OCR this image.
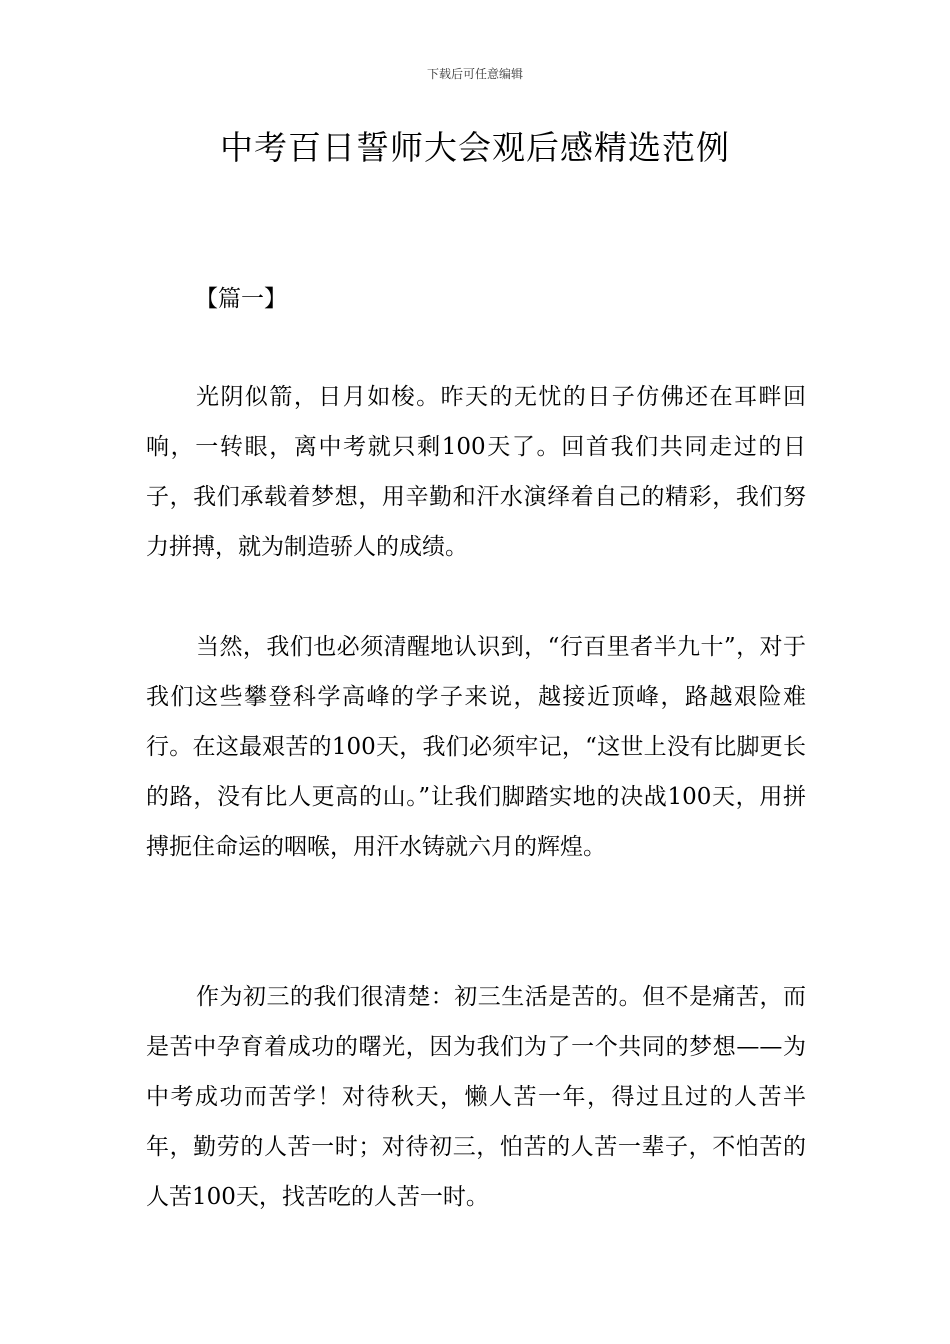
下载后可任意编辑
中考百日誓师大会观后感精选范例
【篇一】

光阴似箭，日月如梭。昨天的无忧的日子仿佛还在耳畔回响，一转眼，离中考就只剩100天了。回首我们共同走过的日子，我们承载着梦想，用辛勤和汗水演绎着自己的精彩，我们努力拼搏，就为制造骄人的成绩。

当然，我们也必须清醒地认识到，“行百里者半九十”，对于我们这些攀登科学高峰的学子来说，越接近顶峰，路越艰险难行。在这最艰苦的100天，我们必须牢记，“这世上没有比脚更长的路，没有比人更高的山。”让我们脚踏实地的决战100天，用拼搏扼住命运的咽喉，用汗水铸就六月的辉煌。

作为初三的我们很清楚：初三生活是苦的。但不是痛苦，而是苦中孕育着成功的曙光，因为我们为了一个共同的梦想——为中考成功而苦学！对待秋天，懒人苦一年，得过且过的人苦半年，勤劳的人苦一时；对待初三，怕苦的人苦一辈子，不怕苦的人苦100天，找苦吃的人苦一时。
